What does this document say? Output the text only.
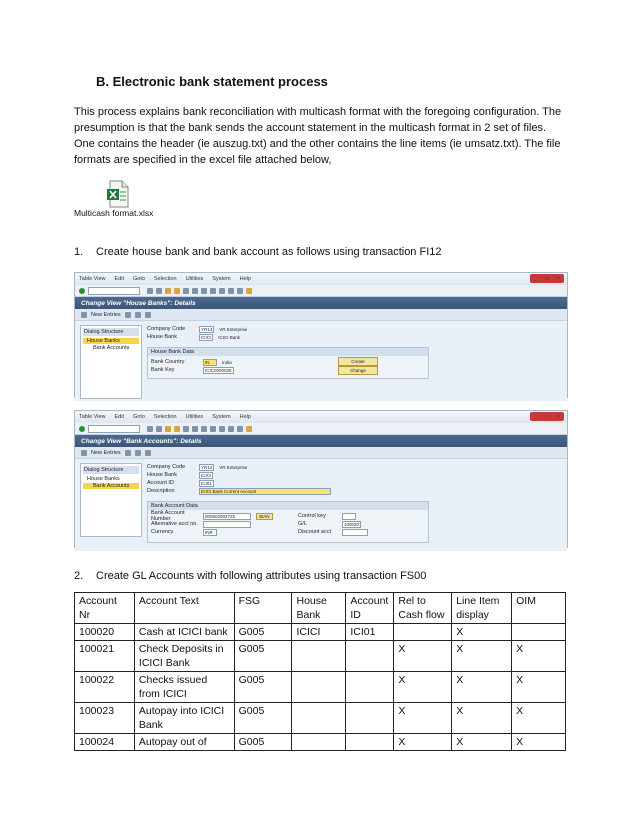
B. Electronic bank statement process
This process explains bank reconciliation with multicash format with the foregoing configuration. The presumption is that the bank sends the account statement in the multicash format in 2 set of files. One contains the header (ie auszug.txt) and the other contains the line items (ie umsatz.txt). The file formats are specified in the excel file attached below,
Multicash format.xlsx
1. Create house bank and bank account as follows using transaction FI12
Table View Edit Goto Selection Utilities System Help	_ □ ×
Change View "House Banks": Details
New Entries
Dialog Structure
House Banks
Bank Accounts
Company Code	YR14	VR Enterprise
House Bank	ICICI	ICICI Bank
House Bank Data
Bank Country	IN	India
Bank Key	ICIC0000025
Create
Change
Table View Edit Goto Selection Utilities System Help	_ □ ×
Change View "Bank Accounts": Details
New Entries
Dialog Structure
House Banks
Bank Accounts
Company Code	YR14	VR Enterprise
House Bank	ICICI
Account ID	ICI01
Description	ICICI Bank Current Account
Bank Account Data
Bank Account Number	000502002725	IBAN
Alternative acct no.
Currency	INR
Control key
G/L	100020
Discount acct
2. Create GL Accounts with following attributes using transaction FS00
Account Nr	Account Text	FSG	House Bank	Account ID	Rel to Cash flow	Line Item display	OIM
100020	Cash at ICICI bank	G005	ICICI	ICI01		X	
100021	Check Deposits in ICICI Bank	G005			X	X	X
100022	Checks issued from ICICI	G005			X	X	X
100023	Autopay into ICICI Bank	G005			X	X	X
100024	Autopay out of	G005			X	X	X
